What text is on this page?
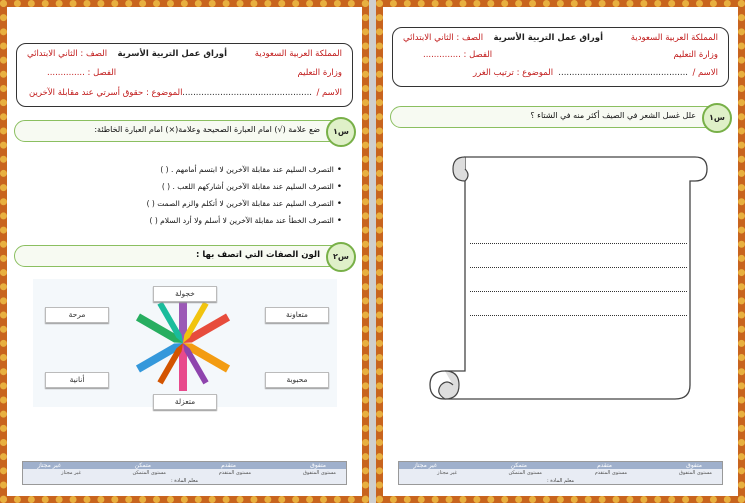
المملكة العربية السعودية
أوراق عمل التربية الأسرية
الصف : الثاني الابتدائي
وزارة التعليم
الفصل : ..............
الاسم /
................................................
الموضوع : حقوق أسرتي عند مقابلة الآخرين
س١
ضع علامة (√) امام العبارة الصحيحة وعلامة(×) امام العبارة الخاطئة:
• التصرف السليم عند مقابلة الآخرين لا ابتسم أمامهم . ( )
• التصرف السليم عند مقابلة الآخرين أشاركهم اللعب . ( )
• التصرف السليم عند مقابلة الآخرين لا أتكلم والزم الصمت ( )
• التصرف الخطأ عند مقابلة الآخرين لا أسلم ولا أرد السلام ( )
س٢
الون الصفات التي اتصف بها :
خجولة
متعاونة
مرحة
محبوبة
أنانية
متعزلة
متفوق
متقدم
متمكن
غير مجتاز
مستوى المتفوق
مستوى المتقدم
مستوى المتمكن
غير مجتاز
معلم المادة :
المملكة العربية السعودية
أوراق عمل التربية الأسرية
الصف : الثاني الابتدائي
وزارة التعليم
الفصل : ..............
الاسم /
................................................
الموضوع : ترتيب الغرر
س١
علل غسل الشعر في الصيف أكثر منه في الشتاء ؟
متفوق
متقدم
متمكن
غير مجتاز
مستوى المتفوق
مستوى المتقدم
مستوى المتمكن
غير مجتاز
معلم المادة :
